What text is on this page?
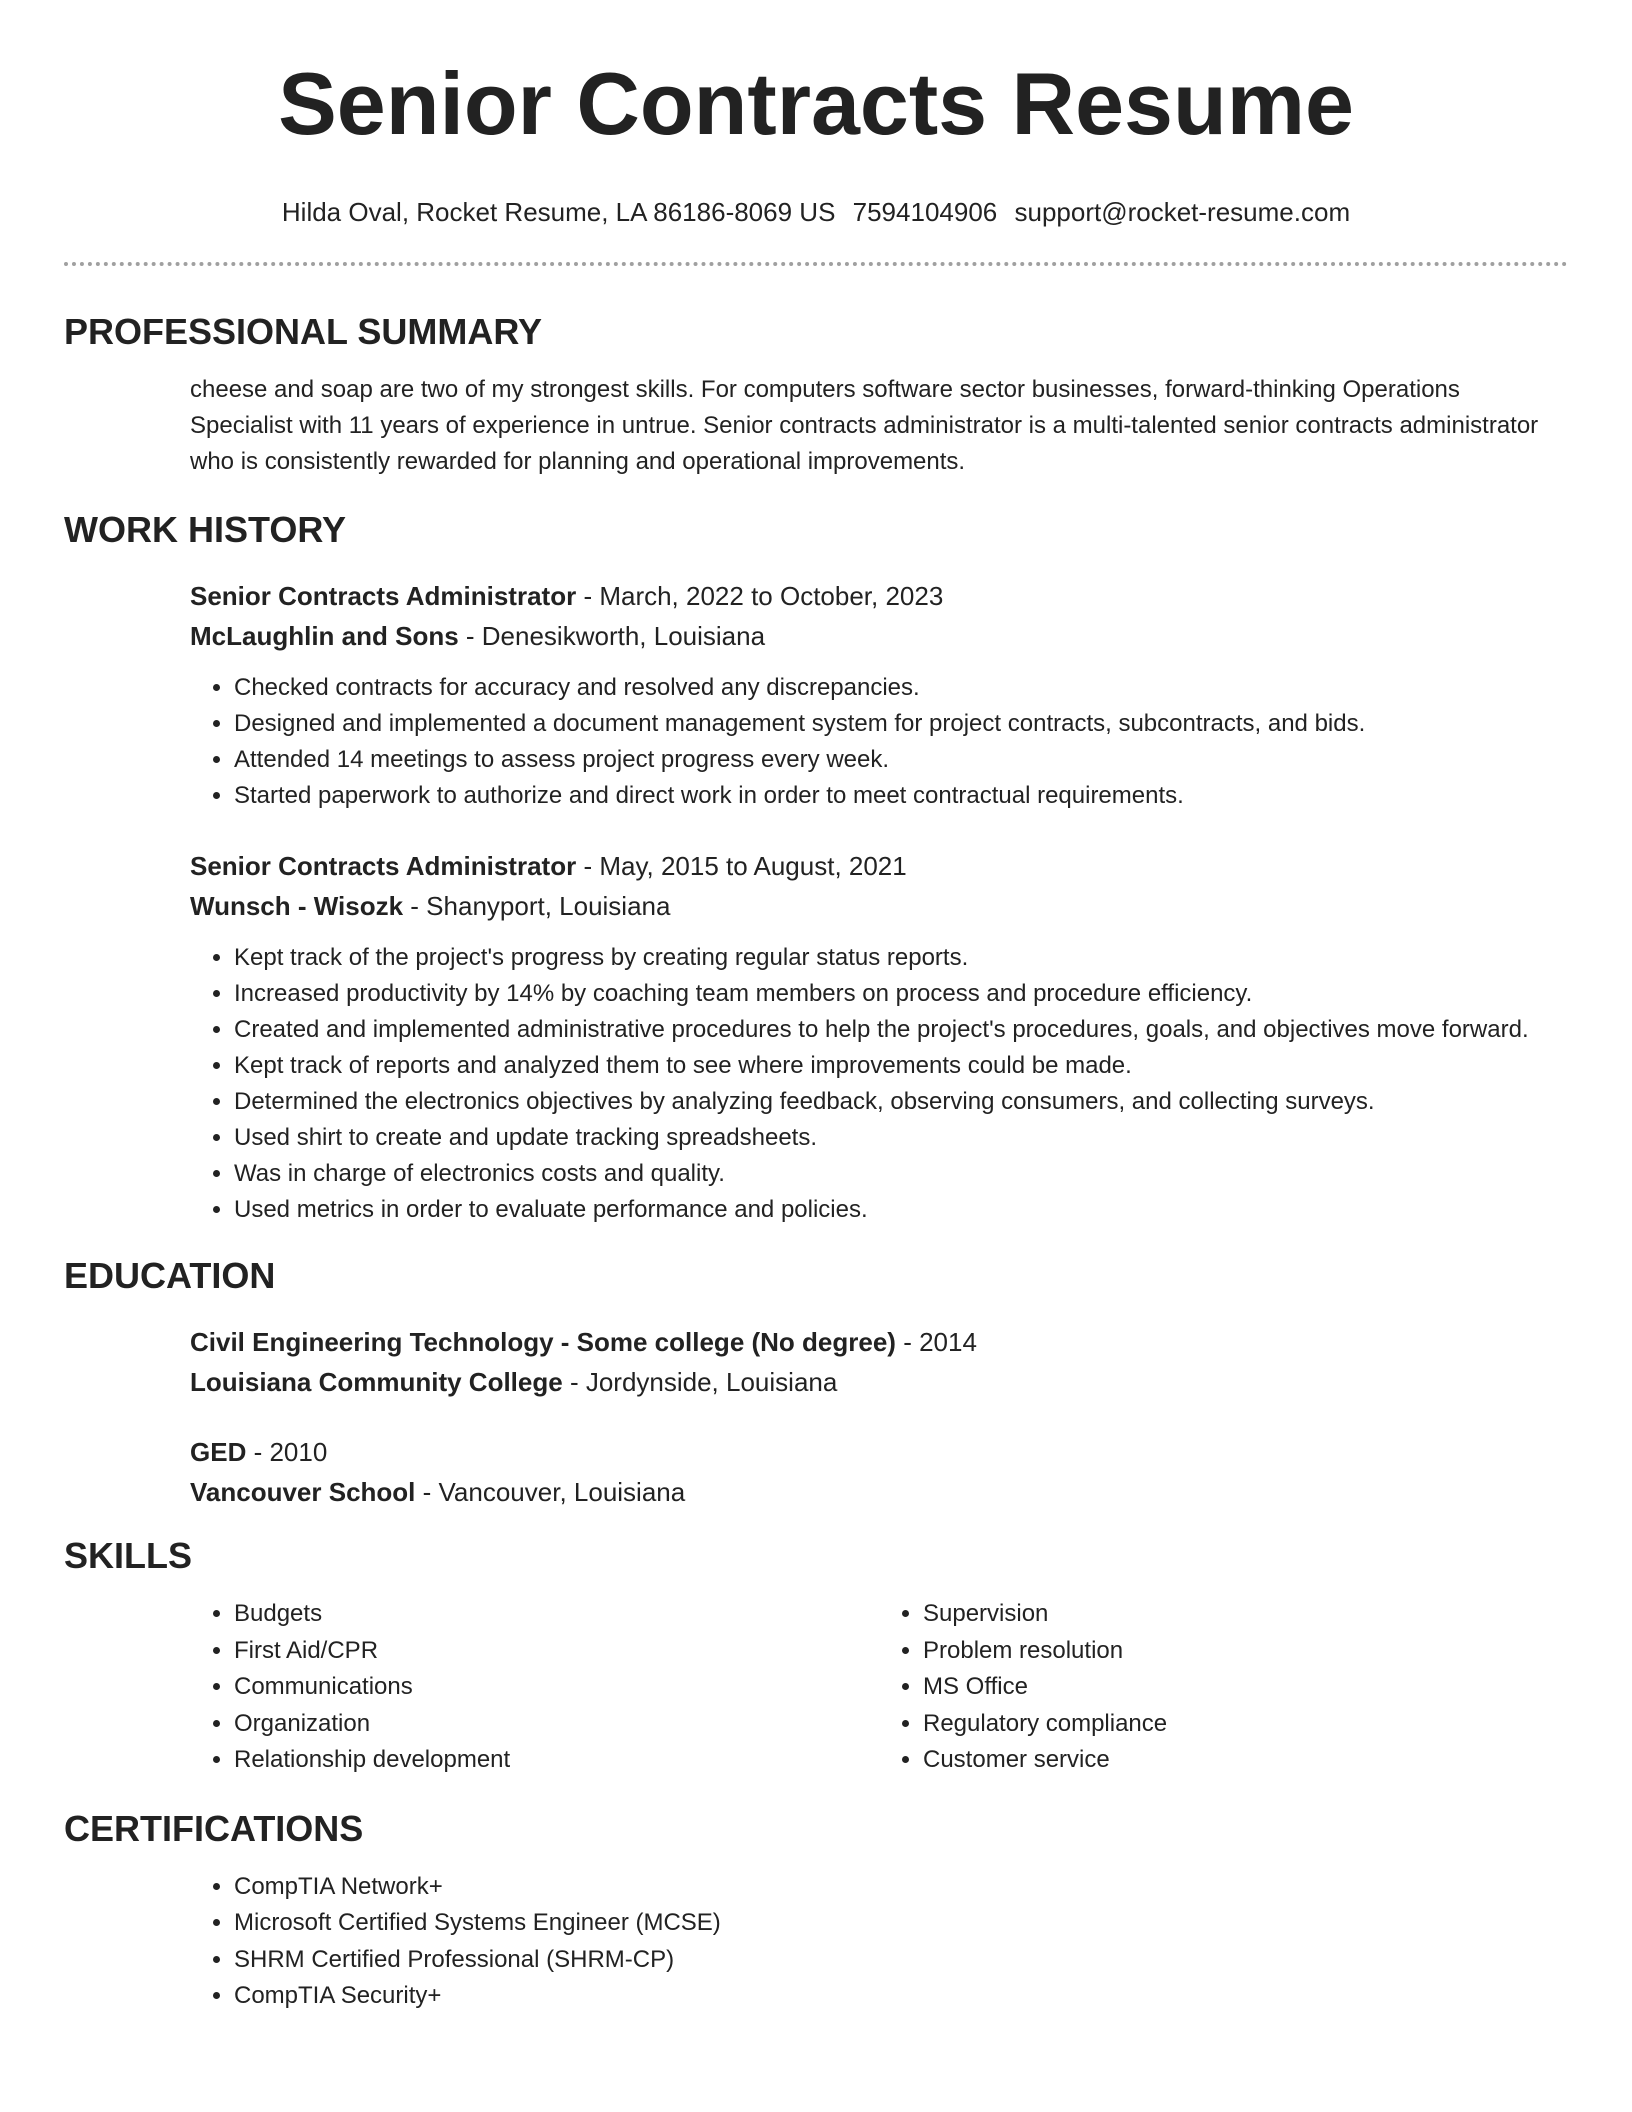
Senior Contracts Resume
Hilda Oval, Rocket Resume, LA 86186-8069 US 7594104906 support@rocket-resume.com
PROFESSIONAL SUMMARY

cheese and soap are two of my strongest skills. For computers software sector businesses, forward-thinking Operations Specialist with 11 years of experience in untrue. Senior contracts administrator is a multi-talented senior contracts administrator who is consistently rewarded for planning and operational improvements.

WORK HISTORY
Senior Contracts Administrator - March, 2022 to October, 2023
McLaughlin and Sons - Denesikworth, Louisiana
• Checked contracts for accuracy and resolved any discrepancies.
• Designed and implemented a document management system for project contracts, subcontracts, and bids.
• Attended 14 meetings to assess project progress every week.
• Started paperwork to authorize and direct work in order to meet contractual requirements.
Senior Contracts Administrator - May, 2015 to August, 2021
Wunsch - Wisozk - Shanyport, Louisiana
• Kept track of the project's progress by creating regular status reports.
• Increased productivity by 14% by coaching team members on process and procedure efficiency.
• Created and implemented administrative procedures to help the project's procedures, goals, and objectives move forward.
• Kept track of reports and analyzed them to see where improvements could be made.
• Determined the electronics objectives by analyzing feedback, observing consumers, and collecting surveys.
• Used shirt to create and update tracking spreadsheets.
• Was in charge of electronics costs and quality.
• Used metrics in order to evaluate performance and policies.
EDUCATION
Civil Engineering Technology - Some college (No degree) - 2014
Louisiana Community College - Jordynside, Louisiana
GED - 2010
Vancouver School - Vancouver, Louisiana
SKILLS
• Budgets
• First Aid/CPR
• Communications
• Organization
• Relationship development
• Supervision
• Problem resolution
• MS Office
• Regulatory compliance
• Customer service
CERTIFICATIONS
• CompTIA Network+
• Microsoft Certified Systems Engineer (MCSE)
• SHRM Certified Professional (SHRM-CP)
• CompTIA Security+
